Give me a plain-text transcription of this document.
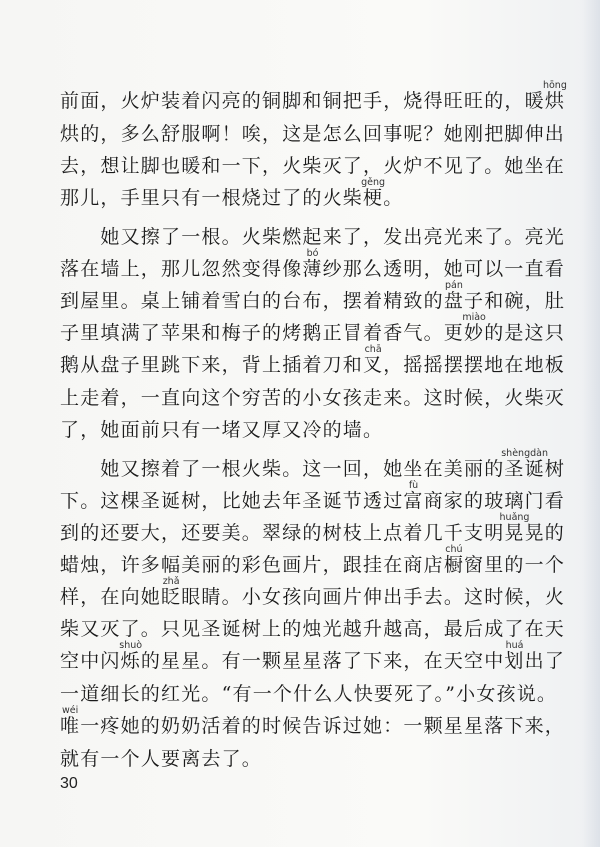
前面，火炉装着闪亮的铜脚和铜把手，烧得旺旺的，暖烘
hōng
烘的，多么舒服啊！唉，这是怎么回事呢？她刚把脚伸出
去，想让脚也暖和一下，火柴灭了，火炉不见了。她坐在
那儿，手里只有一根烧过了的火柴梗
gěng
。
　　她又擦了一根。火柴燃起来了，发出亮光来了。亮光
落在墙上，那儿忽然变得像薄
bó
纱那么透明，她可以一直看
到屋里。桌上铺着雪白的台布，摆着精致的盘
pán
子和碗，肚
子里填满了苹果和梅子的烤鹅正冒着香气。更妙
miào
的是这只
鹅从盘子里跳下来，背上插着刀和叉
chā
，摇摇摆摆地在地板
上走着，一直向这个穷苦的小女孩走来。这时候，火柴灭
了，她面前只有一堵又厚又冷的墙。
　　她又擦着了一根火柴。这一回，她坐在美丽的圣诞
shèngdàn
树
下。这棵圣诞树，比她去年圣诞节透过富
fù
商家的玻璃门看
到的还要大，还要美。翠绿的树枝上点着几千支明晃
huǎng
晃的
蜡烛，许多幅美丽的彩色画片，跟挂在商店橱
chú
窗里的一个
样，在向她眨
zhǎ
眼睛。小女孩向画片伸出手去。这时候，火
柴又灭了。只见圣诞树上的烛光越升越高，最后成了在天
空中闪烁
shuò
的星星。有一颗星星落了下来，在天空中划
huá
出了
一道细长的红光。“有一个什么人快要死了。”小女孩说。
唯
wéi
一疼她的奶奶活着的时候告诉过她：一颗星星落下来，
就有一个人要离去了。
30
